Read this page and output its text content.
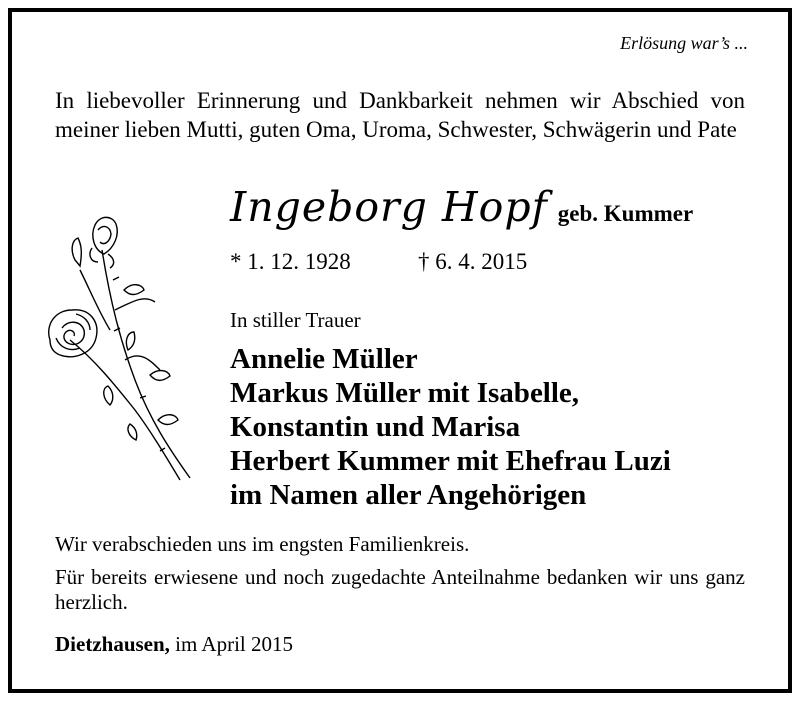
Erlösung war’s ...
In liebevoller Erinnerung und Dankbarkeit nehmen wir Abschied von meiner lieben Mutti, guten Oma, Uroma, Schwester, Schwägerin und Pate
Ingeborg Hopf geb. Kummer
* 1. 12. 1928	† 6. 4. 2015
In stiller Trauer
Annelie Müller
Markus Müller mit Isabelle,
Konstantin und Marisa
Herbert Kummer mit Ehefrau Luzi
im Namen aller Angehörigen
Wir verabschieden uns im engsten Familienkreis.
Für bereits erwiesene und noch zugedachte Anteilnahme bedanken wir uns ganz herzlich.
Dietzhausen, im April 2015
